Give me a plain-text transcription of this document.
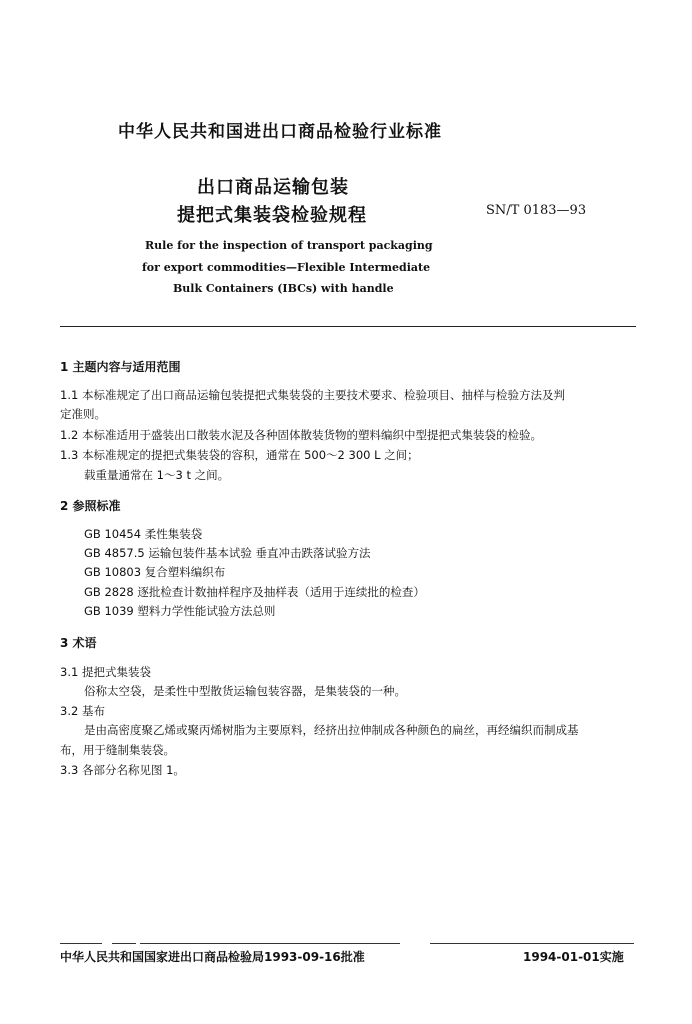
中华人民共和国进出口商品检验行业标准
出口商品运输包装
提把式集装袋检验规程	SN/T 0183—93
Rule for the inspection of transport packaging
for export commodities—Flexible Intermediate
Bulk Containers (IBCs) with handle
1 主题内容与适用范围
1.1 本标准规定了出口商品运输包装提把式集装袋的主要技术要求、检验项目、抽样与检验方法及判
定准则。
1.2 本标准适用于盛装出口散装水泥及各种固体散装货物的塑料编织中型提把式集装袋的检验。
1.3 本标准规定的提把式集装袋的容积，通常在 500～2 300 L 之间；
载重量通常在 1～3 t 之间。
2 参照标准
GB 10454 柔性集装袋
GB 4857.5 运输包装件基本试验 垂直冲击跌落试验方法
GB 10803 复合塑料编织布
GB 2828 逐批检查计数抽样程序及抽样表（适用于连续批的检查）
GB 1039 塑料力学性能试验方法总则
3 术语
3.1 提把式集装袋
俗称太空袋，是柔性中型散货运输包装容器，是集装袋的一种。
3.2 基布
是由高密度聚乙烯或聚丙烯树脂为主要原料，经挤出拉伸制成各种颜色的扁丝，再经编织而制成基
布，用于缝制集装袋。
3.3 各部分名称见图 1。
中华人民共和国国家进出口商品检验局1993-09-16批准	1994-01-01实施
